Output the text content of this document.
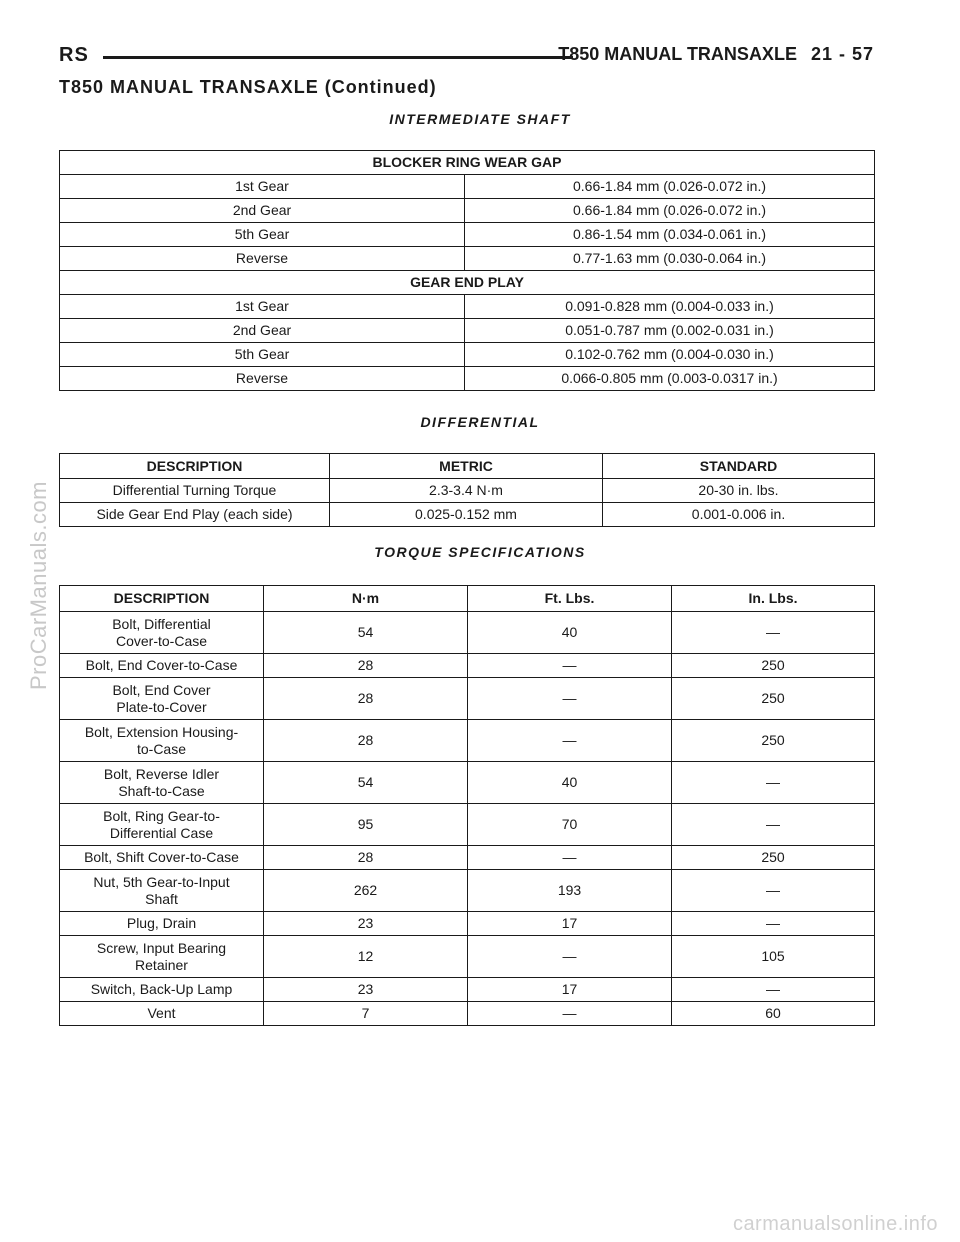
RS	T850 MANUAL TRANSAXLE 21 - 57
T850 MANUAL TRANSAXLE (Continued)
INTERMEDIATE SHAFT
BLOCKER RING WEAR GAP	
1st Gear	0.66-1.84 mm (0.026-0.072 in.)
2nd Gear	0.66-1.84 mm (0.026-0.072 in.)
5th Gear	0.86-1.54 mm (0.034-0.061 in.)
Reverse	0.77-1.63 mm (0.030-0.064 in.)
GEAR END PLAY	
1st Gear	0.091-0.828 mm (0.004-0.033 in.)
2nd Gear	0.051-0.787 mm (0.002-0.031 in.)
5th Gear	0.102-0.762 mm (0.004-0.030 in.)
Reverse	0.066-0.805 mm (0.003-0.0317 in.)
DIFFERENTIAL
DESCRIPTION	METRIC	STANDARD
Differential Turning Torque	2.3-3.4 N·m	20-30 in. lbs.
Side Gear End Play (each side)	0.025-0.152 mm	0.001-0.006 in.
TORQUE SPECIFICATIONS
DESCRIPTION	N·m	Ft. Lbs.	In. Lbs.

Bolt, Differential
Cover-to-Case	54	40	—

Bolt, End Cover-to-Case	28	—	250

Bolt, End Cover
Plate-to-Cover	28	—	250

Bolt, Extension Housing-
to-Case	28	—	250

Bolt, Reverse Idler
Shaft-to-Case	54	40	—

Bolt, Ring Gear-to-
Differential Case	95	70	—

Bolt, Shift Cover-to-Case	28	—	250

Nut, 5th Gear-to-Input
Shaft	262	193	—

Plug, Drain	23	17	—

Screw, Input Bearing
Retainer	12	—	105

Switch, Back-Up Lamp	23	17	—

Vent	7	—	60
ProCarManuals.com
carmanualsonline.info
